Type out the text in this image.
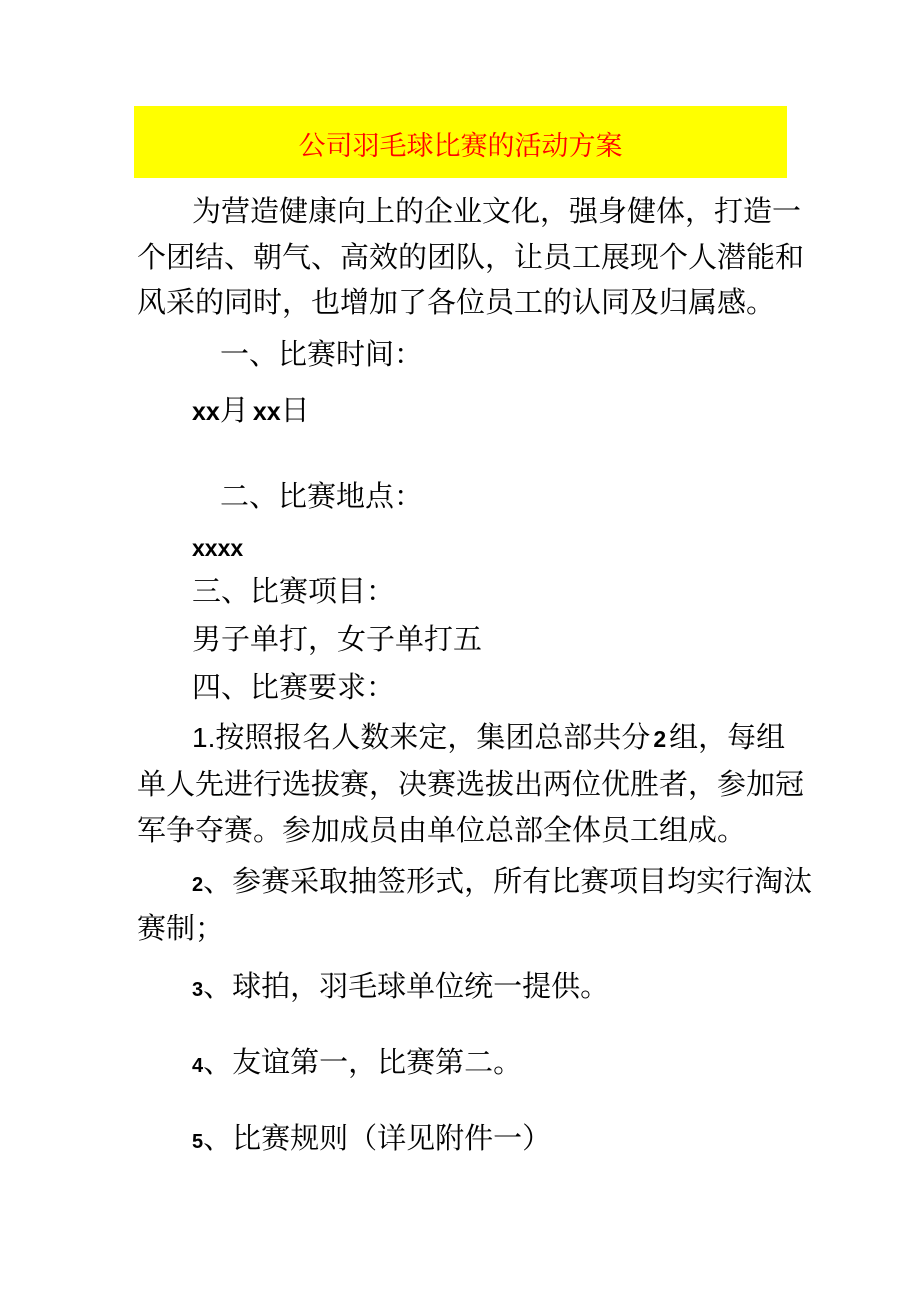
公司羽毛球比赛的活动方案
为营造健康向上的企业文化，强身健体，打造一
个团结、朝气、高效的团队，让员工展现个人潜能和
风采的同时，也增加了各位员工的认同及归属感。
一、比赛时间：
xx月 xx日
二、比赛地点：
xxxx
三、比赛项目：
男子单打，女子单打五
四、比赛要求：
1.按照报名人数来定，集团总部共分 2 组，每组
单人先进行选拔赛，决赛选拔出两位优胜者，参加冠
军争夺赛。参加成员由单位总部全体员工组成。
2、参赛采取抽签形式，所有比赛项目均实行淘汰
赛制；
3、球拍，羽毛球单位统一提供。
4、友谊第一，比赛第二。
5、比赛规则（详见附件一）
